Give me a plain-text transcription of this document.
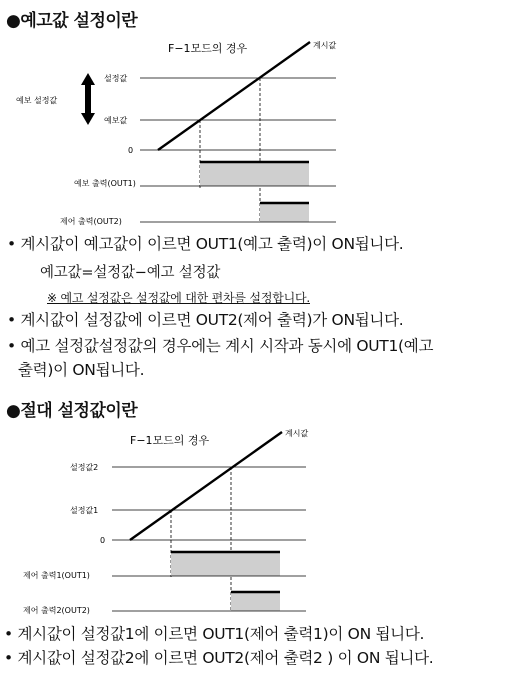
●예고값 설정이란
F−1모드의 경우	계시값
설정값
예보값
0
예보 설정값
예보 출력(OUT1)
제어 출력(OUT2)
• 계시값이 예고값이 이르면 OUT1(예고 출력)이 ON됩니다.
예고값=설정값−예고 설정값
※ 예고 설정값은 설정값에 대한 편차를 설정합니다.
• 계시값이 설정값에 이르면 OUT2(제어 출력)가 ON됩니다.
• 예고 설정값설정값의 경우에는 계시 시작과 동시에 OUT1(예고
출력)이 ON됩니다.
●절대 설정값이란
F−1모드의 경우
계시값
설정값2
설정값1
0
제어 출력1(OUT1)
제어 출력2(OUT2)
• 계시값이 설정값1에 이르면 OUT1(제어 출력1)이 ON 됩니다.
• 계시값이 설정값2에 이르면 OUT2(제어 출력2 ) 이 ON 됩니다.
